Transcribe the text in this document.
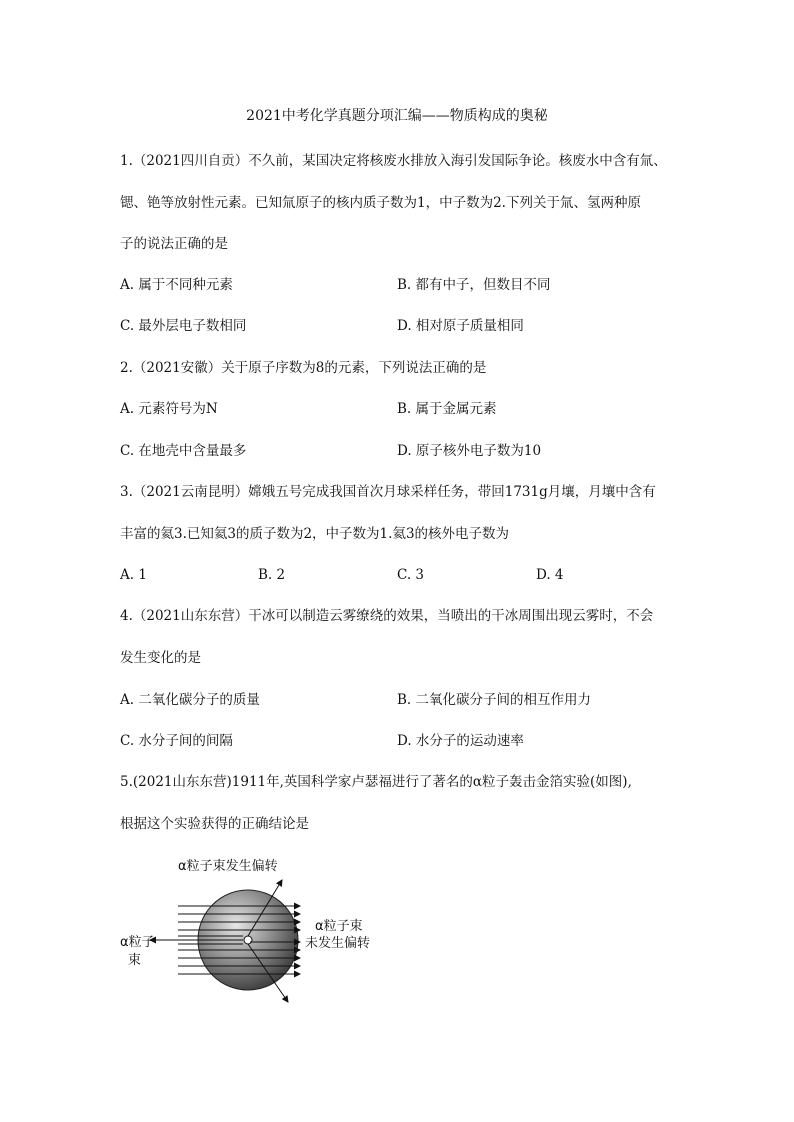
2021中考化学真题分项汇编——物质构成的奥秘
1.（2021四川自贡）不久前，某国决定将核废水排放入海引发国际争论。核废水中含有氚、
锶、铯等放射性元素。已知氚原子的核内质子数为1，中子数为2.下列关于氚、氢两种原
子的说法正确的是
A. 属于不同种元素	B. 都有中子，但数目不同
C. 最外层电子数相同	D. 相对原子质量相同
2.（2021安徽）关于原子序数为8的元素，下列说法正确的是
A. 元素符号为N	B. 属于金属元素
C. 在地壳中含量最多	D. 原子核外电子数为10
3.（2021云南昆明）嫦娥五号完成我国首次月球采样任务，带回1731g月壤，月壤中含有
丰富的氦3.已知氦3的质子数为2，中子数为1.氦3的核外电子数为
A. 1	B. 2	C. 3	D. 4
4.（2021山东东营）干冰可以制造云雾缭绕的效果，当喷出的干冰周围出现云雾时，不会
发生变化的是
A. 二氧化碳分子的质量	B. 二氧化碳分子间的相互作用力
C. 水分子间的间隔	D. 水分子的运动速率
5.(2021山东东营)1911年,英国科学家卢瑟福进行了著名的α粒子轰击金箔实验(如图),
根据这个实验获得的正确结论是
α粒子束发生偏转
α粒子束
未发生偏转
α粒子
束
